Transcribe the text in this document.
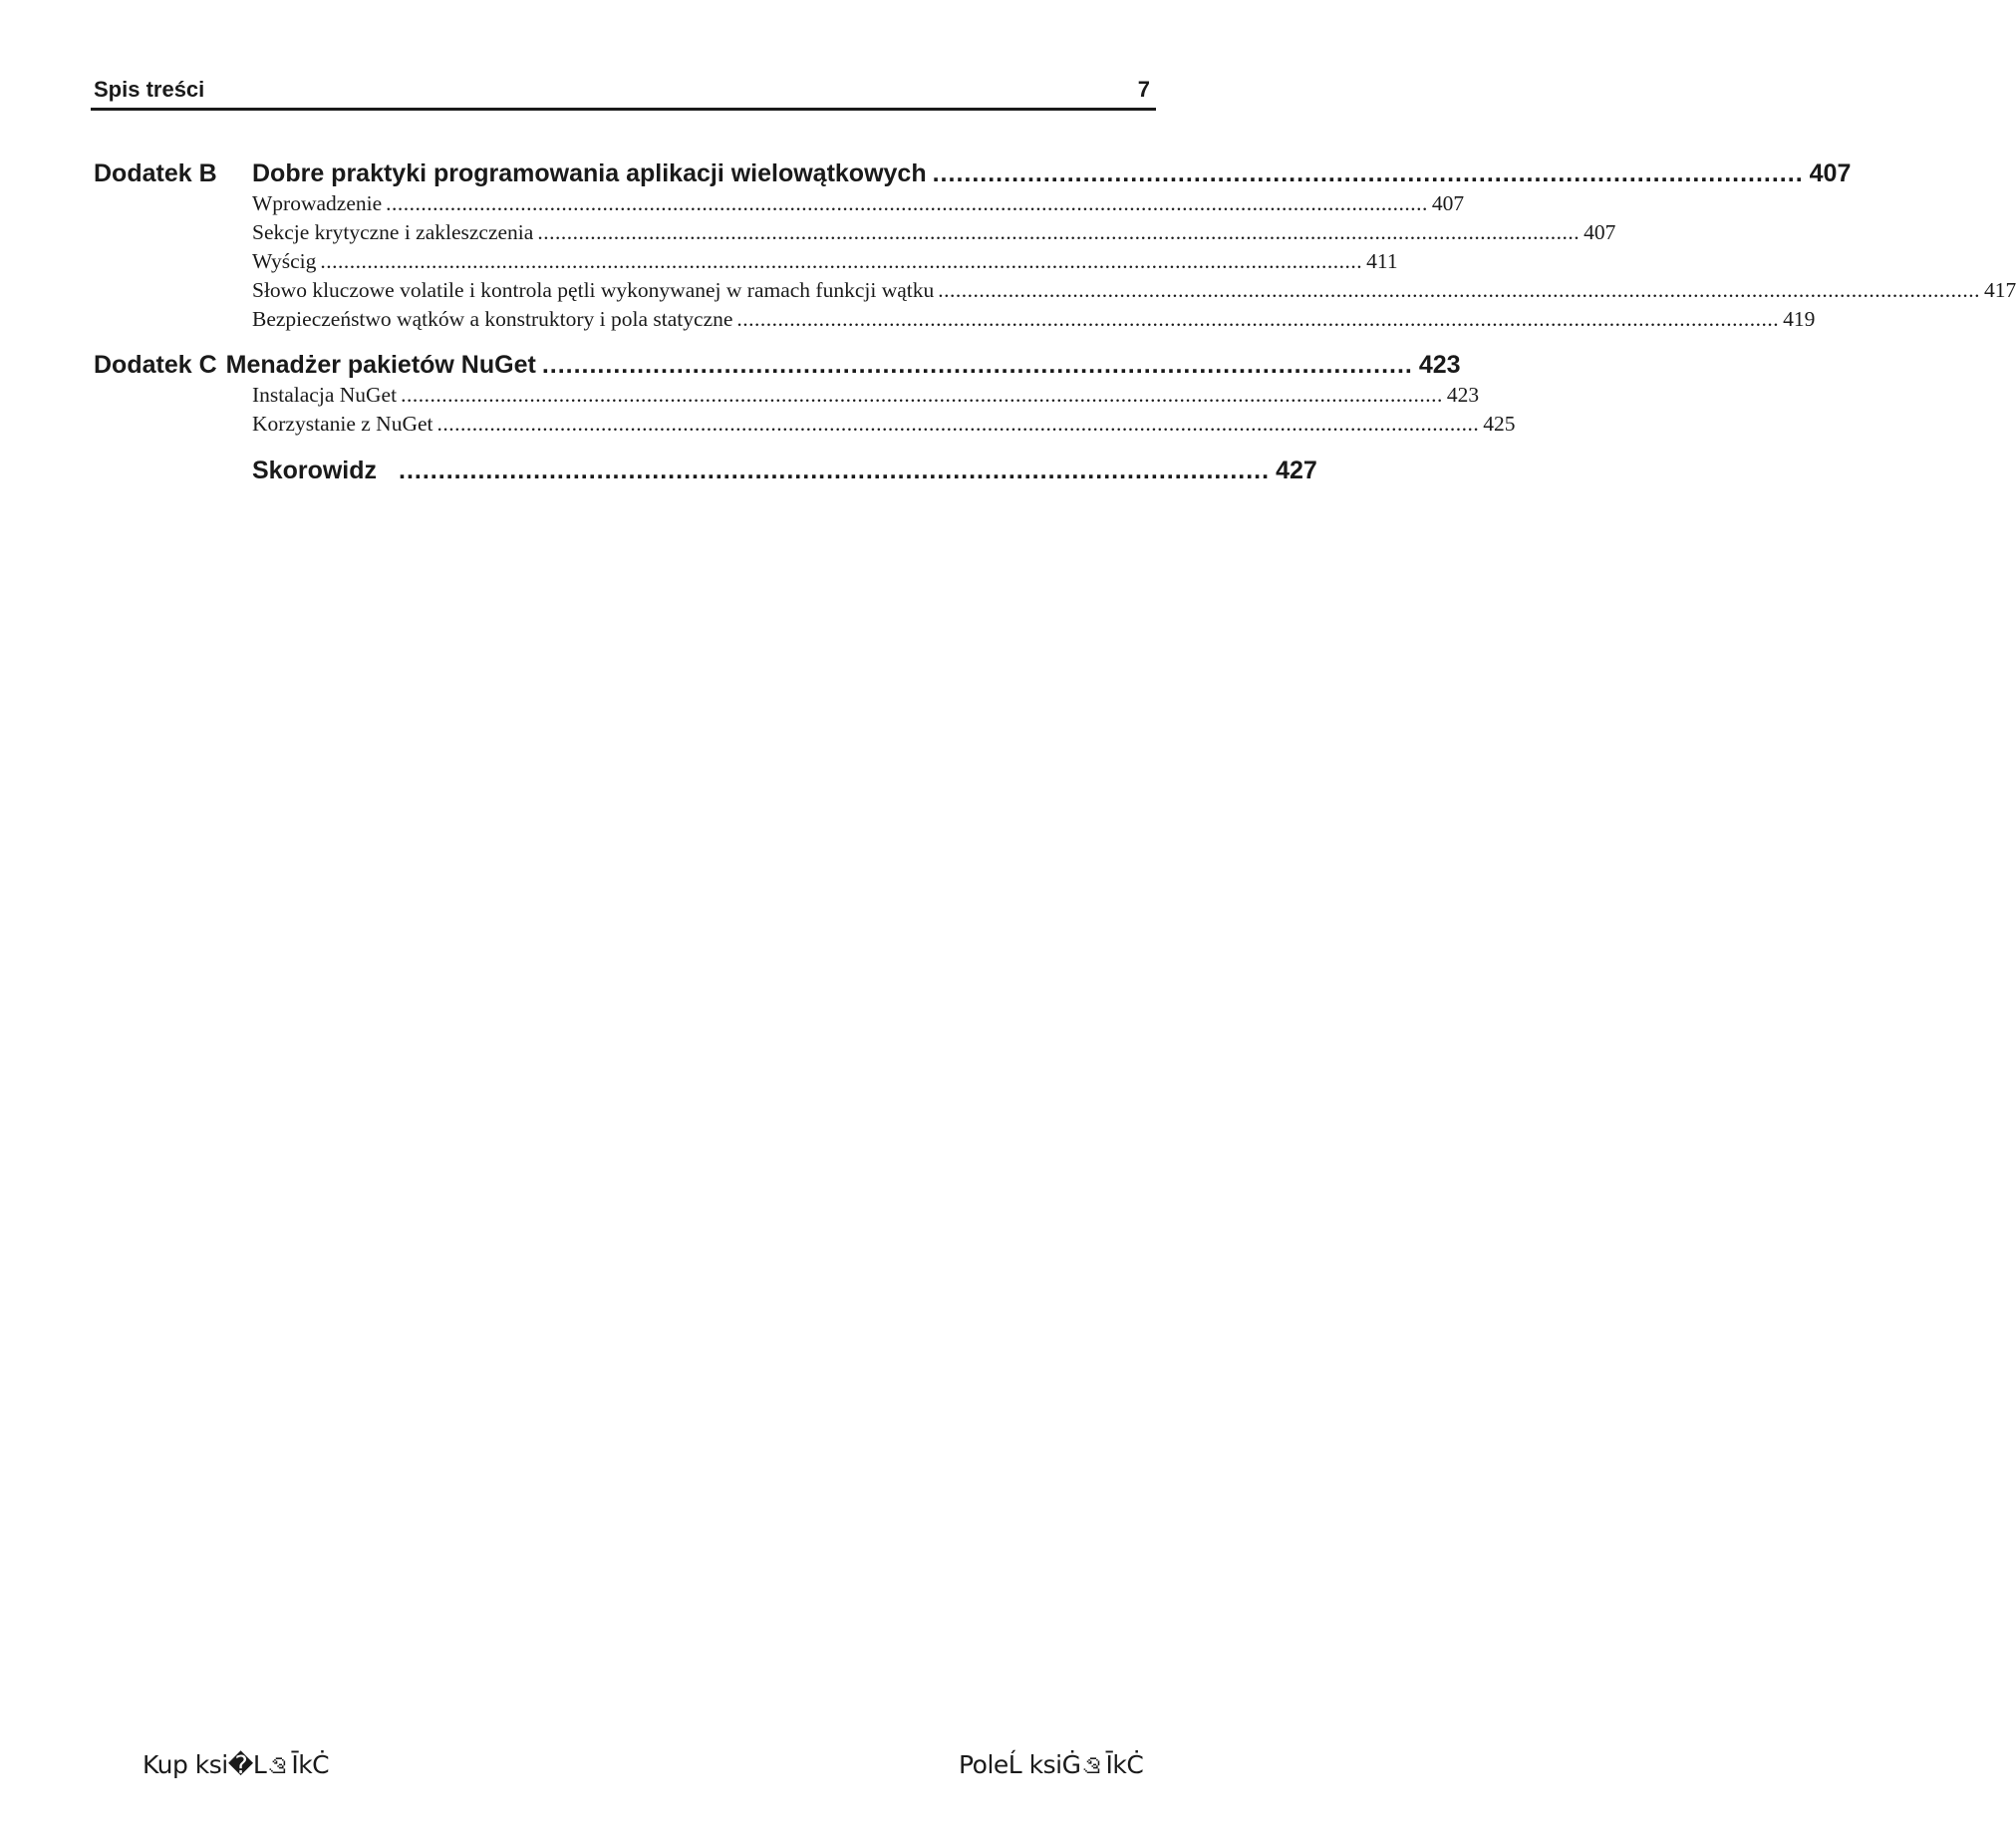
Spis treści	7
Dodatek B	Dobre praktyki programowania aplikacji wielowątkowych .............................................................................................................. 407
Wprowadzenie .................................................................................................................................................................................. 407
Sekcje krytyczne i zakleszczenia .................................................................................................................................................................................. 407
Wyścig .................................................................................................................................................................................. 411
Słowo kluczowe volatile i kontrola pętli wykonywanej w ramach funkcji wątku .................................................................................................................................................................................. 417
Bezpieczeństwo wątków a konstruktory i pola statyczne .................................................................................................................................................................................. 419
Dodatek C Menadżer pakietów NuGet .............................................................................................................. 423
Instalacja NuGet .................................................................................................................................................................................. 423
Korzystanie z NuGet .................................................................................................................................................................................. 425
Skorowidz .............................................................................................................. 427
Kup ksi�LࡤĪkĊ	PoleĹ ksiĠࡤĪkĊ
